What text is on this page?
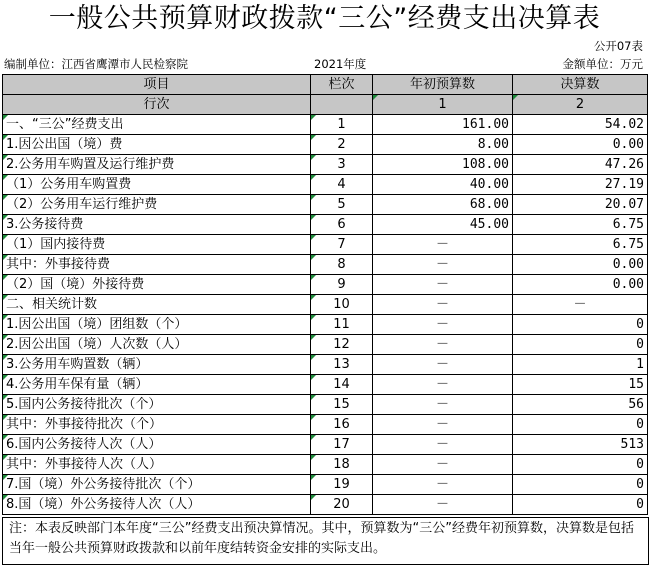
一般公共预算财政拨款“三公”经费支出决算表
公开07表
编制单位：江西省鹰潭市人民检察院	2021年度	金额单位：万元
项目	栏次	年初预算数	决算数
行次		1	2

一、“三公”经费支出	1	161.00	54.02

1.因公出国（境）费	2	8.00	0.00

2.公务用车购置及运行维护费	3	108.00	47.26

（1）公务用车购置费	4	40.00	27.19

（2）公务用车运行维护费	5	68.00	20.07

3.公务接待费	6	45.00	6.75

（1）国内接待费	7	－	6.75

其中：外事接待费	8	－	0.00

（2）国（境）外接待费	9	－	0.00

二、相关统计数	10	－	－

1.因公出国（境）团组数（个）	11	－	0

2.因公出国（境）人次数（人）	12	－	0

3.公务用车购置数（辆）	13	－	1

4.公务用车保有量（辆）	14	－	15

5.国内公务接待批次（个）	15	－	56

其中：外事接待批次（个）	16	－	0

6.国内公务接待人次（人）	17	－	513

其中：外事接待人次（人）	18	－	0

7.国（境）外公务接待批次（个）	19	－	0

8.国（境）外公务接待人次（人）	20	－	0
注：本表反映部门本年度“三公”经费支出预决算情况。其中，预算数为“三公”经费年初预算数，决算数是包括当年一般公共预算财政拨款和以前年度结转资金安排的实际支出。
